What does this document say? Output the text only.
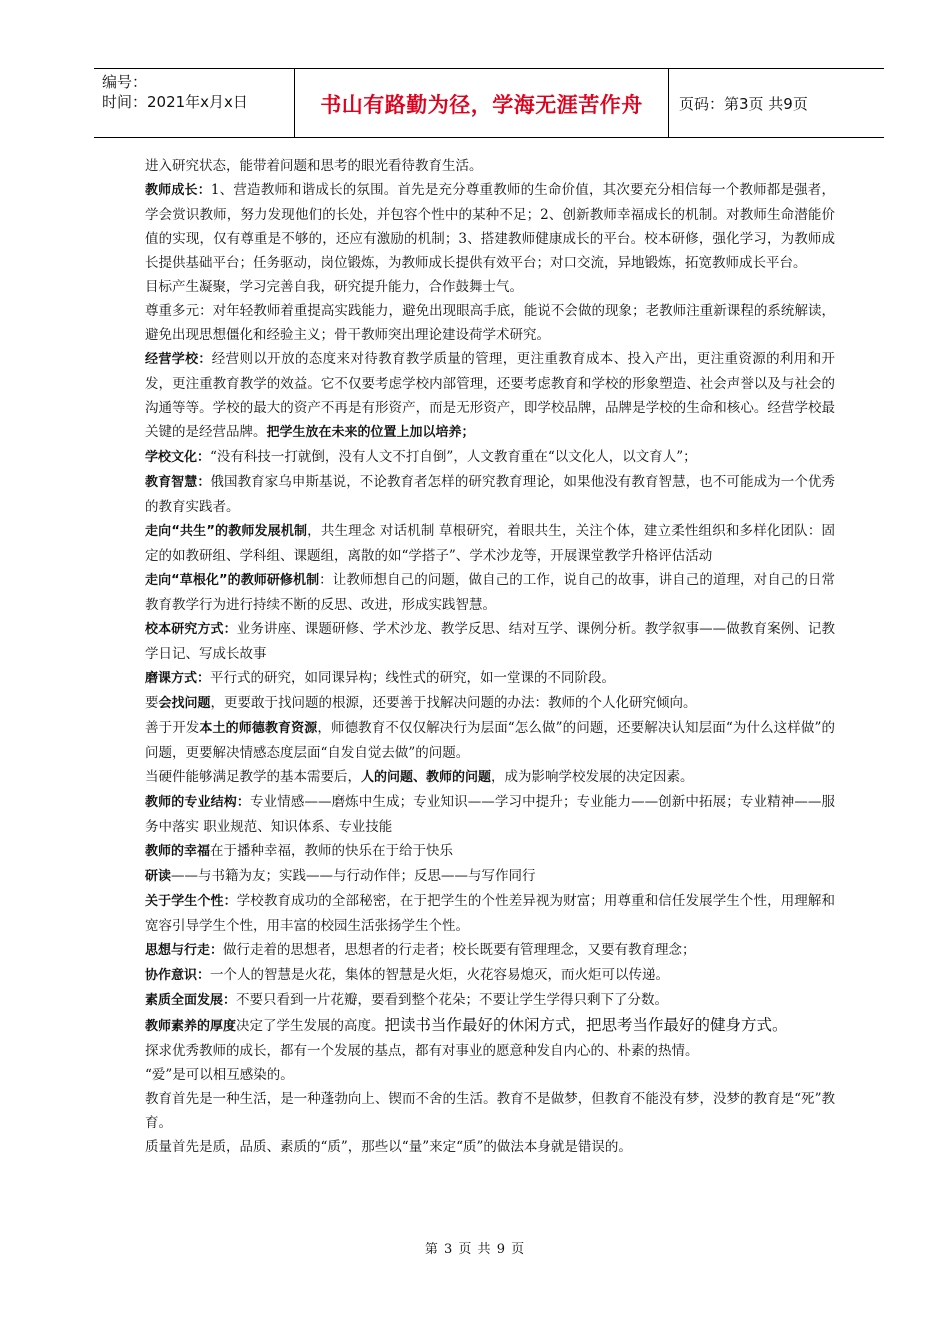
编号：
时间：2021年x月x日	书山有路勤为径，学海无涯苦作舟	页码：第3页 共9页

进入研究状态，能带着问题和思考的眼光看待教育生活。

教师成长：1、营造教师和谐成长的氛围。首先是充分尊重教师的生命价值，其次要充分相信每一个教师都是强者，学会赏识教师，努力发现他们的长处，并包容个性中的某种不足；2、创新教师幸福成长的机制。对教师生命潜能价值的实现，仅有尊重是不够的，还应有激励的机制；3、搭建教师健康成长的平台。校本研修，强化学习，为教师成长提供基础平台；任务驱动，岗位锻炼，为教师成长提供有效平台；对口交流，异地锻炼，拓宽教师成长平台。

目标产生凝聚，学习完善自我，研究提升能力，合作鼓舞士气。

尊重多元：对年轻教师着重提高实践能力，避免出现眼高手底，能说不会做的现象；老教师注重新课程的系统解读，避免出现思想僵化和经验主义；骨干教师突出理论建设荷学术研究。

经营学校：经营则以开放的态度来对待教育教学质量的管理，更注重教育成本、投入产出，更注重资源的利用和开发，更注重教育教学的效益。它不仅要考虑学校内部管理，还要考虑教育和学校的形象塑造、社会声誉以及与社会的沟通等等。学校的最大的资产不再是有形资产，而是无形资产，即学校品牌，品牌是学校的生命和核心。经营学校最关键的是经营品牌。把学生放在未来的位置上加以培养；

学校文化：“没有科技一打就倒，没有人文不打自倒”，人文教育重在“以文化人，以文育人”；

教育智慧：俄国教育家乌申斯基说，不论教育者怎样的研究教育理论，如果他没有教育智慧，也不可能成为一个优秀的教育实践者。

走向“共生”的教师发展机制，共生理念 对话机制 草根研究，着眼共生，关注个体，建立柔性组织和多样化团队：固定的如教研组、学科组、课题组，离散的如“学搭子”、学术沙龙等，开展课堂教学升格评估活动

走向“草根化”的教师研修机制：让教师想自己的问题，做自己的工作，说自己的故事，讲自己的道理，对自己的日常教育教学行为进行持续不断的反思、改进，形成实践智慧。

校本研究方式：业务讲座、课题研修、学术沙龙、教学反思、结对互学、课例分析。教学叙事——做教育案例、记教学日记、写成长故事

磨课方式：平行式的研究，如同课异构；线性式的研究，如一堂课的不同阶段。

要会找问题，更要敢于找问题的根源，还要善于找解决问题的办法：教师的个人化研究倾向。

善于开发本土的师德教育资源，师德教育不仅仅解决行为层面“怎么做”的问题，还要解决认知层面“为什么这样做”的问题，更要解决情感态度层面“自发自觉去做”的问题。

当硬件能够满足教学的基本需要后，人的问题、教师的问题，成为影响学校发展的决定因素。

教师的专业结构：专业情感——磨炼中生成；专业知识——学习中提升；专业能力——创新中拓展；专业精神——服务中落实 职业规范、知识体系、专业技能

教师的幸福在于播种幸福，教师的快乐在于给于快乐

研读——与书籍为友；实践——与行动作伴；反思——与写作同行

关于学生个性：学校教育成功的全部秘密，在于把学生的个性差异视为财富；用尊重和信任发展学生个性，用理解和宽容引导学生个性，用丰富的校园生活张扬学生个性。

思想与行走：做行走着的思想者，思想者的行走者；校长既要有管理理念，又要有教育理念；

协作意识：一个人的智慧是火花，集体的智慧是火炬，火花容易熄灭，而火炬可以传递。

素质全面发展：不要只看到一片花瓣，要看到整个花朵；不要让学生学得只剩下了分数。

教师素养的厚度决定了学生发展的高度。把读书当作最好的休闲方式，把思考当作最好的健身方式。

探求优秀教师的成长，都有一个发展的基点，都有对事业的愿意种发自内心的、朴素的热情。

“爱”是可以相互感染的。

教育首先是一种生活，是一种蓬勃向上、锲而不舍的生活。教育不是做梦，但教育不能没有梦，没梦的教育是“死”教育。

质量首先是质，品质、素质的“质”，那些以“量”来定“质”的做法本身就是错误的。

第 3 页 共 9 页
